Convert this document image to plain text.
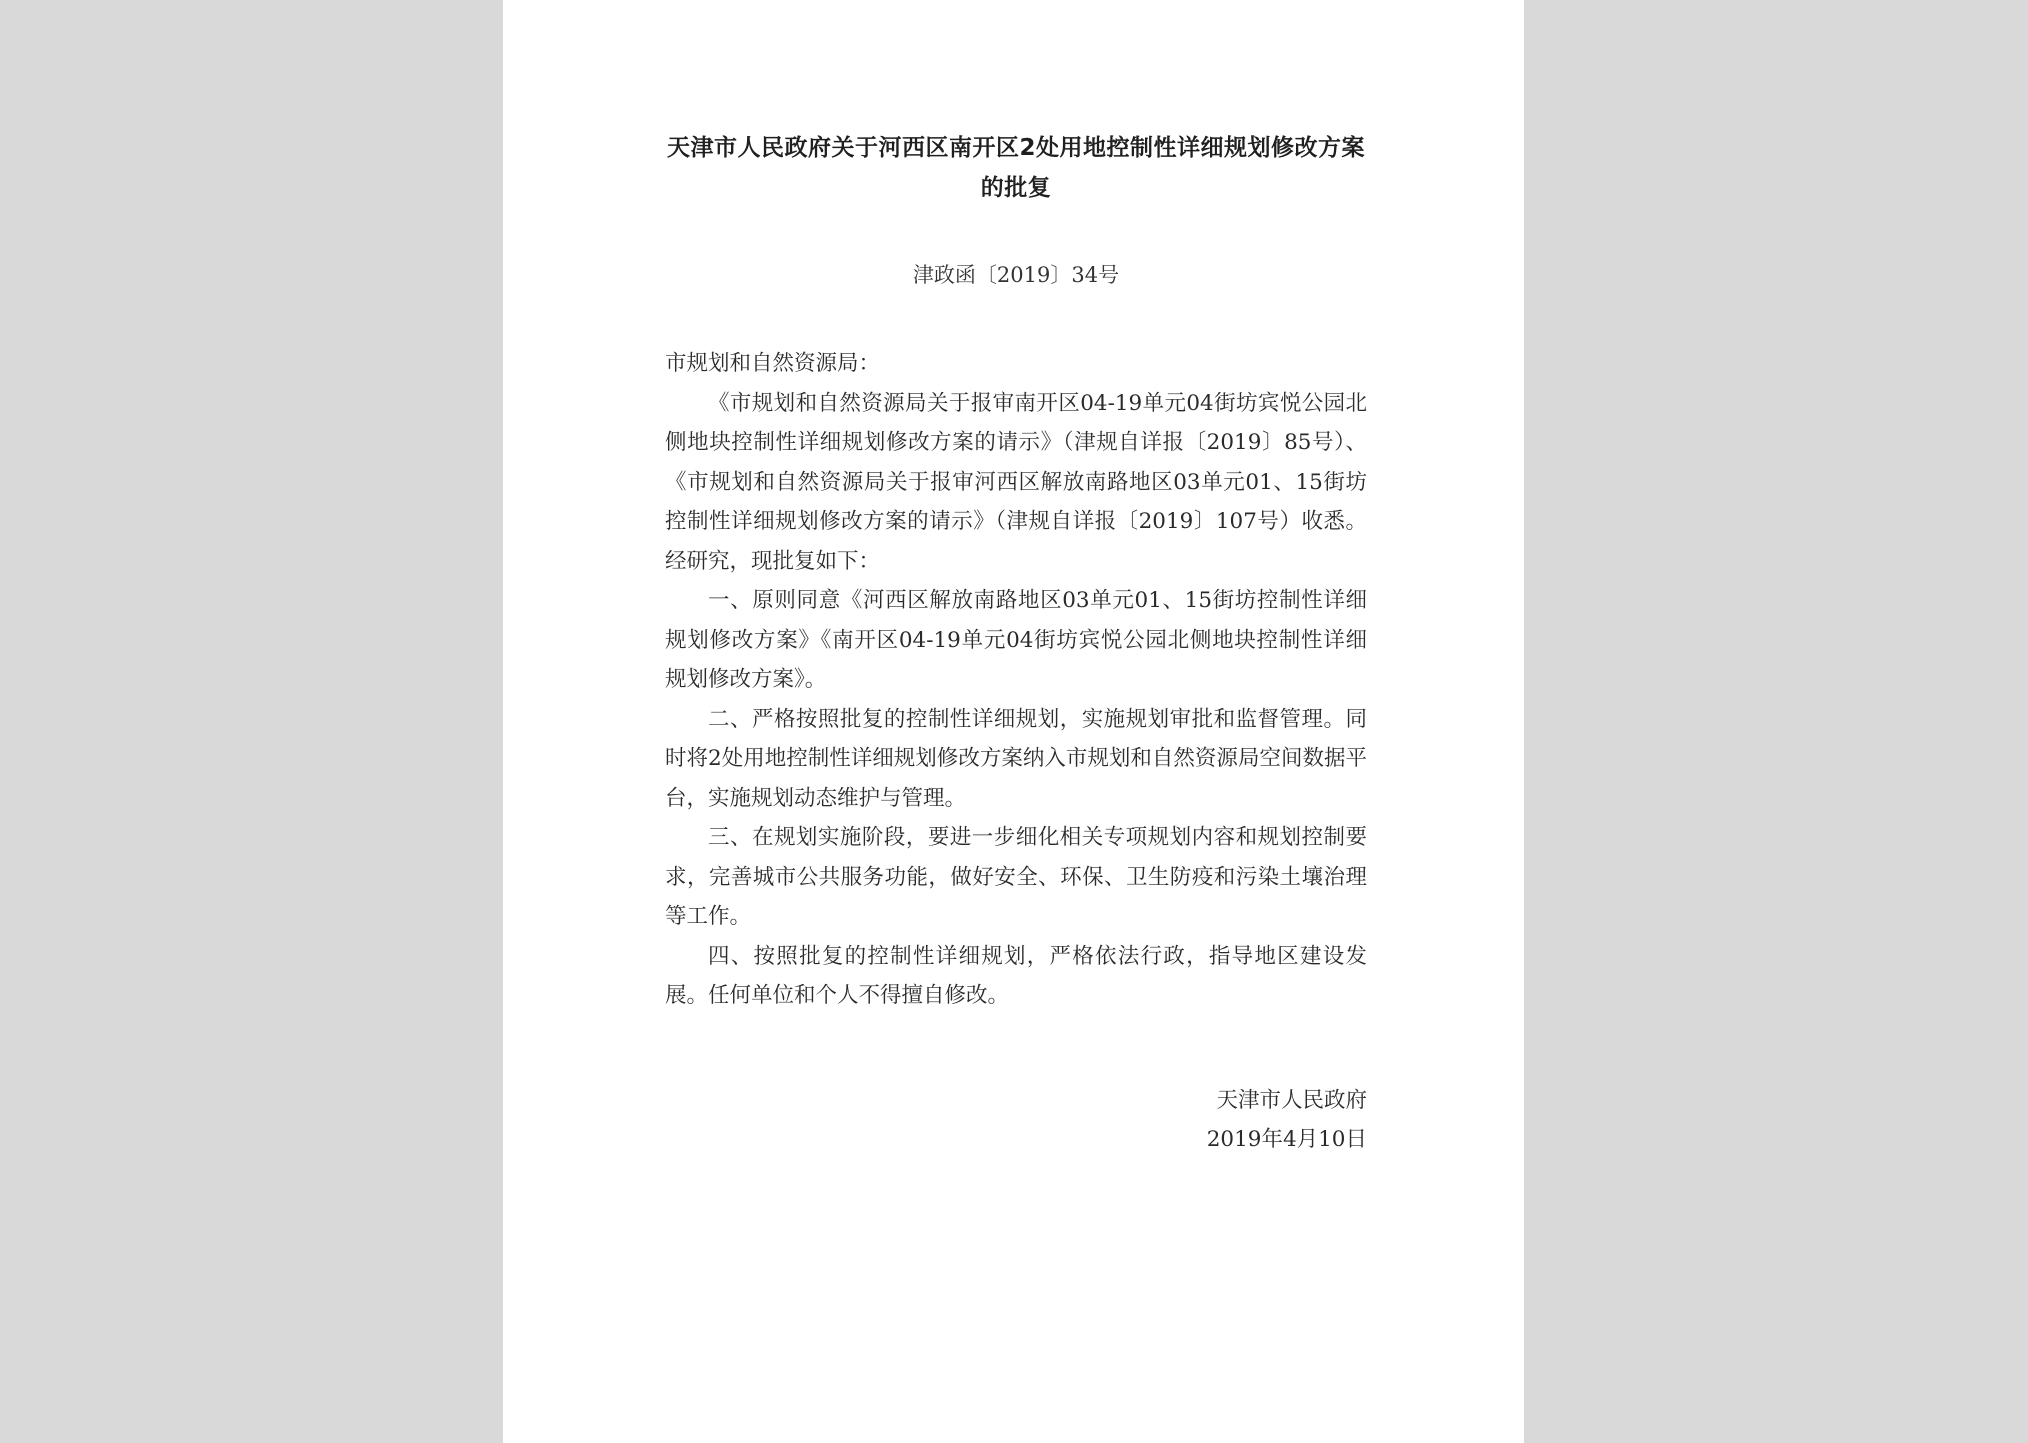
天津市人民政府关于河西区南开区2处用地控制性详细规划修改方案的批复
津政函〔2019〕34号

市规划和自然资源局：

《市规划和自然资源局关于报审南开区04-19单元04街坊宾悦公园北侧地块控制性详细规划修改方案的请示》（津规自详报〔2019〕85号）、《市规划和自然资源局关于报审河西区解放南路地区03单元01、15街坊控制性详细规划修改方案的请示》（津规自详报〔2019〕107号）收悉。经研究，现批复如下：

一、原则同意《河西区解放南路地区03单元01、15街坊控制性详细规划修改方案》《南开区04-19单元04街坊宾悦公园北侧地块控制性详细规划修改方案》。

二、严格按照批复的控制性详细规划，实施规划审批和监督管理。同时将2处用地控制性详细规划修改方案纳入市规划和自然资源局空间数据平台，实施规划动态维护与管理。

三、在规划实施阶段，要进一步细化相关专项规划内容和规划控制要求，完善城市公共服务功能，做好安全、环保、卫生防疫和污染土壤治理等工作。

四、按照批复的控制性详细规划，严格依法行政，指导地区建设发展。任何单位和个人不得擅自修改。

天津市人民政府
2019年4月10日
